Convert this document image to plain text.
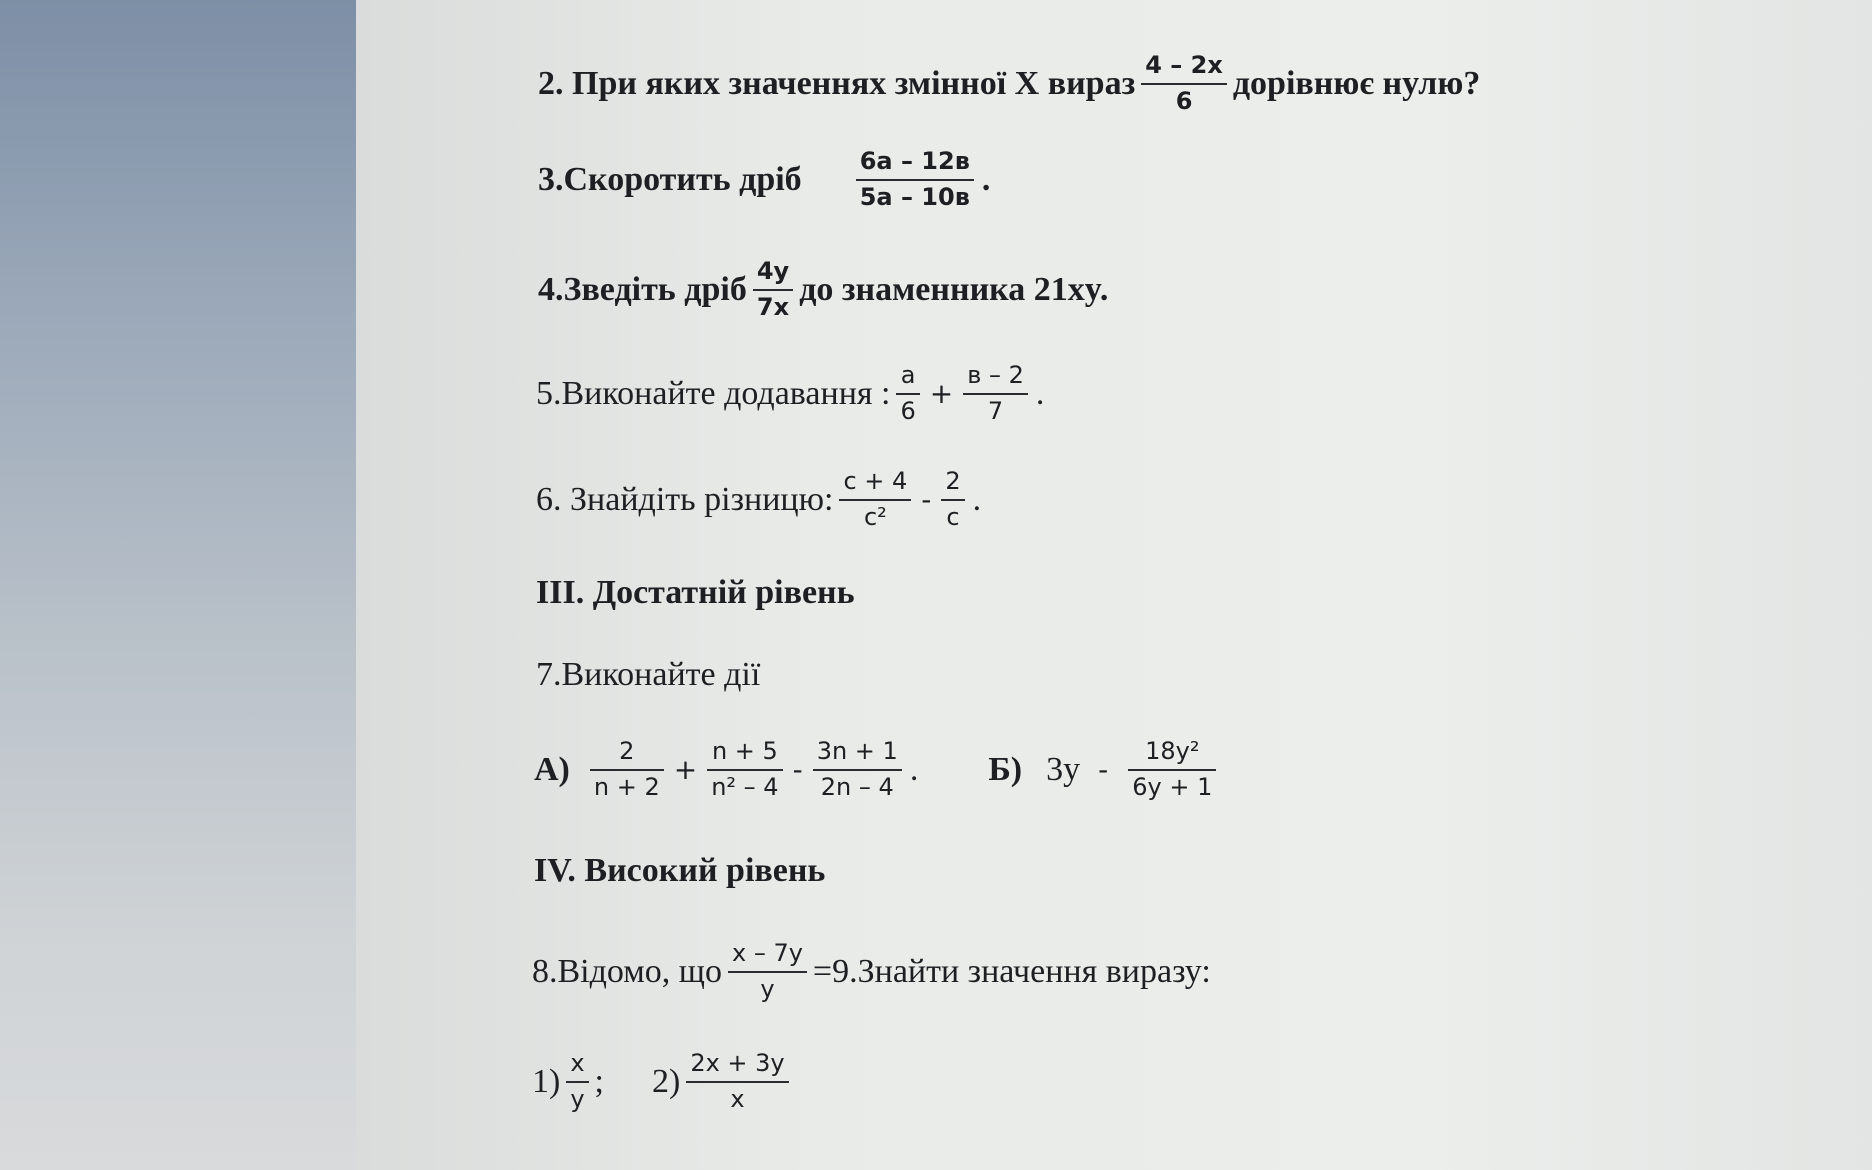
2. При яких значеннях змінної X вираз $\frac{4 - 2x}{6}$ дорівнює нулю?
3.Скоротить дріб $\frac{6a - 12в}{5a - 10в}$ .
4.Зведіть дріб $\frac{4y}{7x}$ до знаменника 21xy.
5.Виконайте додавання : $\frac{a}{6} + \frac{в - 2}{7}$ .
6. Знайдіть різницю: $\frac{c + 4}{\text{c²}} - \frac{2}{c}$ .
III. Достатній рівень
7.Виконайте дії
$А) \frac{2}{n + 2} + \frac{n + 5}{\text{n² – 4}} - \frac{3n + 1}{2n - 4}$ . Б) $3y - \frac{\text{18y²}}{6y + 1}$
IV. Високий рівень
8.Відомо, що $\frac{x - 7y}{y}$ =9.Знайти значення виразу:
$1) \frac{x}{y}$ ; $2) \frac{2x + 3y}{x}$
